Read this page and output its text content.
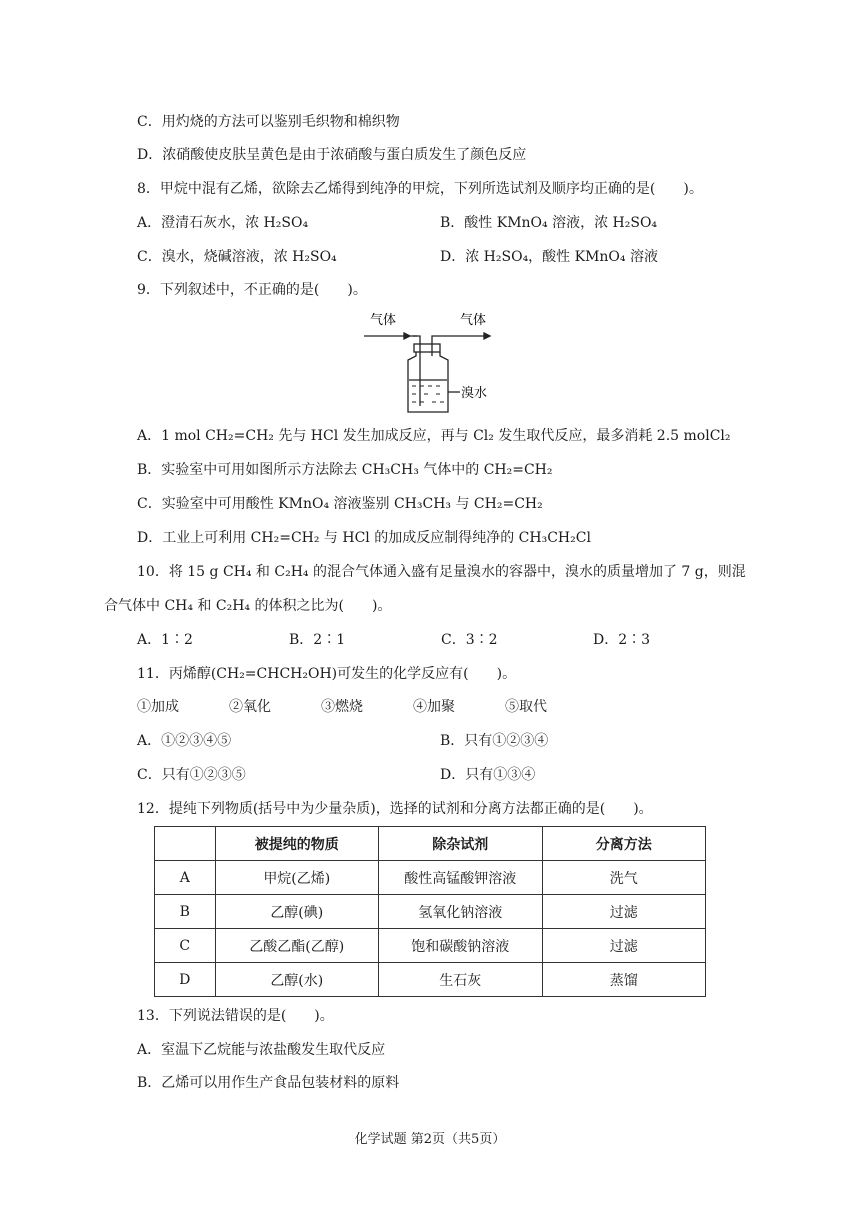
C．用灼烧的方法可以鉴别毛织物和棉织物
D．浓硝酸使皮肤呈黄色是由于浓硝酸与蛋白质发生了颜色反应
8．甲烷中混有乙烯，欲除去乙烯得到纯净的甲烷，下列所选试剂及顺序均正确的是(　　)。
A．澄清石灰水，浓 H₂SO₄	B．酸性 KMnO₄ 溶液，浓 H₂SO₄
C．溴水，烧碱溶液，浓 H₂SO₄	D．浓 H₂SO₄，酸性 KMnO₄ 溶液
9．下列叙述中，不正确的是(　　)。
气体	气体
溴水
A．1 mol CH₂=CH₂ 先与 HCl 发生加成反应，再与 Cl₂ 发生取代反应，最多消耗 2.5 molCl₂
B．实验室中可用如图所示方法除去 CH₃CH₃ 气体中的 CH₂=CH₂
C．实验室中可用酸性 KMnO₄ 溶液鉴别 CH₃CH₃ 与 CH₂=CH₂
D．工业上可利用 CH₂=CH₂ 与 HCl 的加成反应制得纯净的 CH₃CH₂Cl
10．将 15 g CH₄ 和 C₂H₄ 的混合气体通入盛有足量溴水的容器中，溴水的质量增加了 7 g，则混
合气体中 CH₄ 和 C₂H₄ 的体积之比为(　　)。
A．1∶2	B．2∶1	C．3∶2	D．2∶3
11．丙烯醇(CH₂=CHCH₂OH)可发生的化学反应有(　　)。
①加成	②氧化	③燃烧	④加聚	⑤取代
A．①②③④⑤	B．只有①②③④
C．只有①②③⑤	D．只有①③④
12．提纯下列物质(括号中为少量杂质)，选择的试剂和分离方法都正确的是(　　)。
	被提纯的物质	除杂试剂	分离方法
A	甲烷(乙烯)	酸性高锰酸钾溶液	洗气
B	乙醇(碘)	氢氧化钠溶液	过滤
C	乙酸乙酯(乙醇)	饱和碳酸钠溶液	过滤
D	乙醇(水)	生石灰	蒸馏
13．下列说法错误的是(　　)。
A．室温下乙烷能与浓盐酸发生取代反应
B．乙烯可以用作生产食品包装材料的原料
化学试题 第2页（共5页）
